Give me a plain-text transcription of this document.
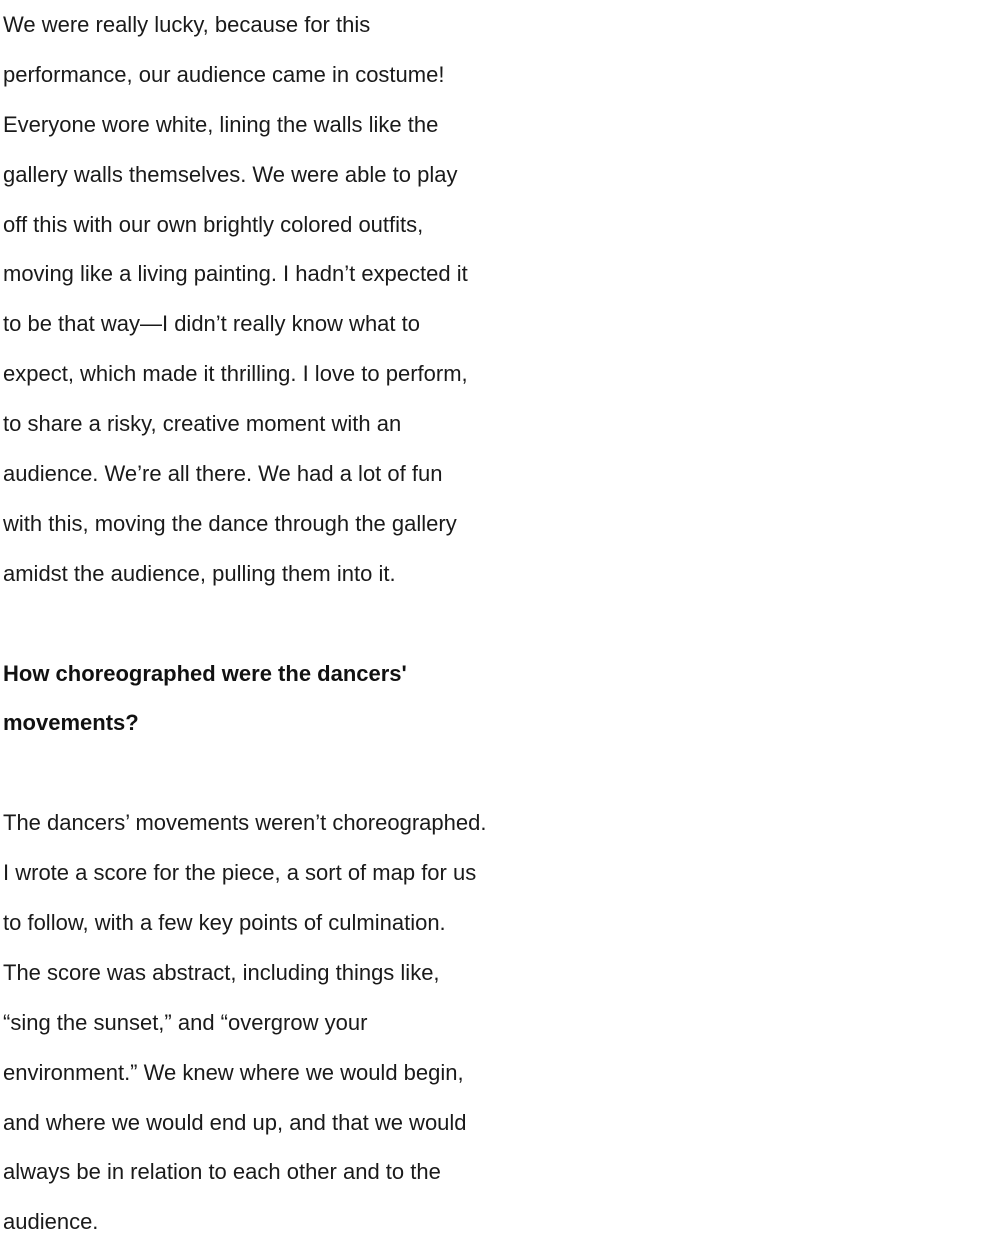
We were really lucky, because for this
performance, our audience came in costume!
Everyone wore white, lining the walls like the
gallery walls themselves. We were able to play
off this with our own brightly colored outfits,
moving like a living painting. I hadn’t expected it
to be that way—I didn’t really know what to
expect, which made it thrilling. I love to perform,
to share a risky, creative moment with an
audience. We’re all there. We had a lot of fun
with this, moving the dance through the gallery
amidst the audience, pulling them into it.
How choreographed were the dancers'
movements?
The dancers’ movements weren’t choreographed.
I wrote a score for the piece, a sort of map for us
to follow, with a few key points of culmination.
The score was abstract, including things like,
“sing the sunset,” and “overgrow your
environment.” We knew where we would begin,
and where we would end up, and that we would
always be in relation to each other and to the
audience.
